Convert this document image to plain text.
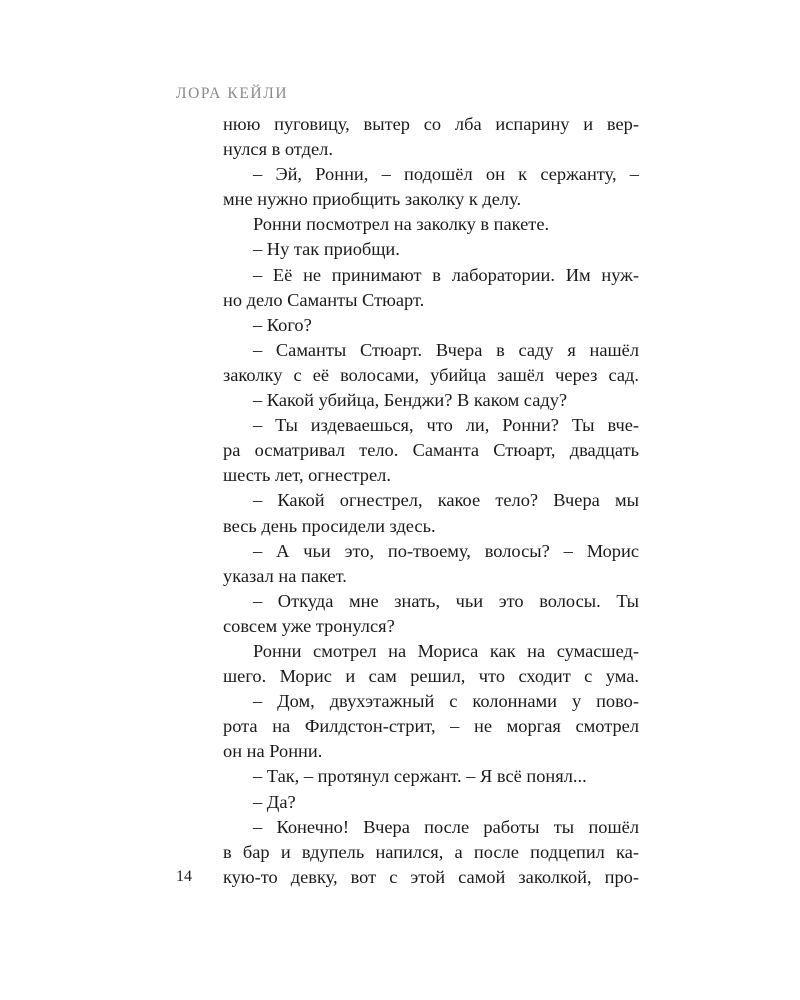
ЛОРА КЕЙЛИ
нюю пуговицу, вытер со лба испарину и вер-
нулся в отдел.
– Эй, Ронни, – подошёл он к сержанту, –
мне нужно приобщить заколку к делу.
Ронни посмотрел на заколку в пакете.
– Ну так приобщи.
– Её не принимают в лаборатории. Им нуж-
но дело Саманты Стюарт.
– Кого?
– Саманты Стюарт. Вчера в саду я нашёл
заколку с её волосами, убийца зашёл через сад.
– Какой убийца, Бенджи? В каком саду?
– Ты издеваешься, что ли, Ронни? Ты вче-
ра осматривал тело. Саманта Стюарт, двадцать
шесть лет, огнестрел.
– Какой огнестрел, какое тело? Вчера мы
весь день просидели здесь.
– А чьи это, по-твоему, волосы? – Морис
указал на пакет.
– Откуда мне знать, чьи это волосы. Ты
совсем уже тронулся?
Ронни смотрел на Мориса как на сумасшед-
шего. Морис и сам решил, что сходит с ума.
– Дом, двухэтажный с колоннами у пово-
рота на Филдстон-стрит, – не моргая смотрел
он на Ронни.
– Так, – протянул сержант. – Я всё понял...
– Да?
– Конечно! Вчера после работы ты пошёл
в бар и вдупель напился, а после подцепил ка-
кую-то девку, вот с этой самой заколкой, про-
14
